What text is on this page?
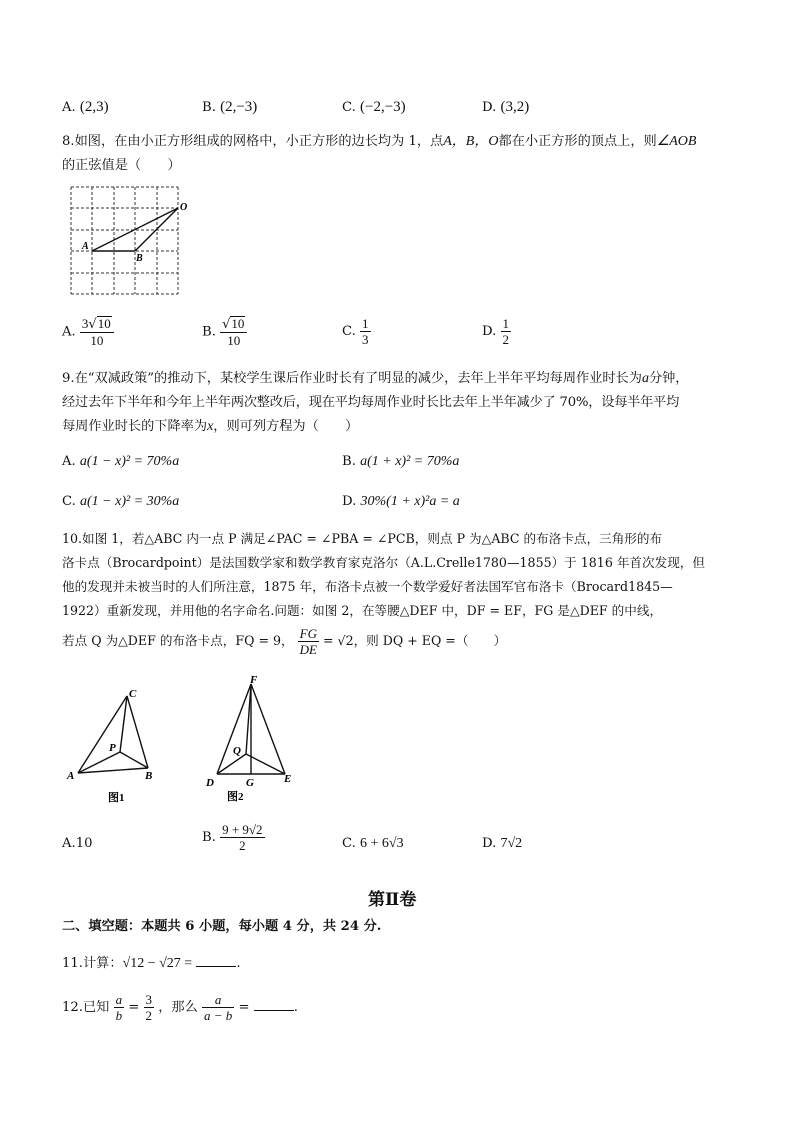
A. (2,3)	B. (2,−3)	C. (−2,−3)	D. (3,2)
8.如图，在由小正方形组成的网格中，小正方形的边长均为 1，点A，B，O都在小正方形的顶点上，则∠AOB
的正弦值是（　　）
A
B
O
A. $\frac{3√10}{10}$	B. $\frac{√10}{10}$	C. $\frac{1}{3}$	D. $\frac{1}{2}$
9.在“双减政策”的推动下，某校学生课后作业时长有了明显的减少，去年上半年平均每周作业时长为a分钟，
经过去年下半年和今年上半年两次整改后，现在平均每周作业时长比去年上半年减少了 70%，设每半年平均
每周作业时长的下降率为x，则可列方程为（　　）
A. a(1 − x)² = 70%a	B. a(1 + x)² = 70%a
C. a(1 − x)² = 30%a	D. 30%(1 + x)²a = a
10.如图 1，若△ABC 内一点 P 满足∠PAC = ∠PBA = ∠PCB，则点 P 为△ABC 的布洛卡点，三角形的布
洛卡点（Brocardpoint）是法国数学家和数学教育家克洛尔（A.L.Crelle1780—1855）于 1816 年首次发现，但
他的发现并未被当时的人们所注意，1875 年，布洛卡点被一个数学爱好者法国军官布洛卡（Brocard1845—
1922）重新发现，并用他的名字命名.问题：如图 2，在等腰△DEF 中，DF = EF，FG 是△DEF 的中线，
若点 Q 为△DEF 的布洛卡点，FQ = 9， $\frac{FG}{DE} = √2$，则 DQ + EQ =（　　）
C
P
A	B
图1
F
Q
D	G	E
图2
A.10	B. $\frac{9 + 9√2}{2}$	C. 6 + 6√3	D. 7√2
第Ⅱ卷
二、填空题：本题共 6 小题，每小题 4 分，共 24 分.
11.计算：√12 − √27 =	.
12.已知 $\frac{a}{b} = \frac{3}{2}$ ，那么 $\frac{a}{a - b}$ =	.
